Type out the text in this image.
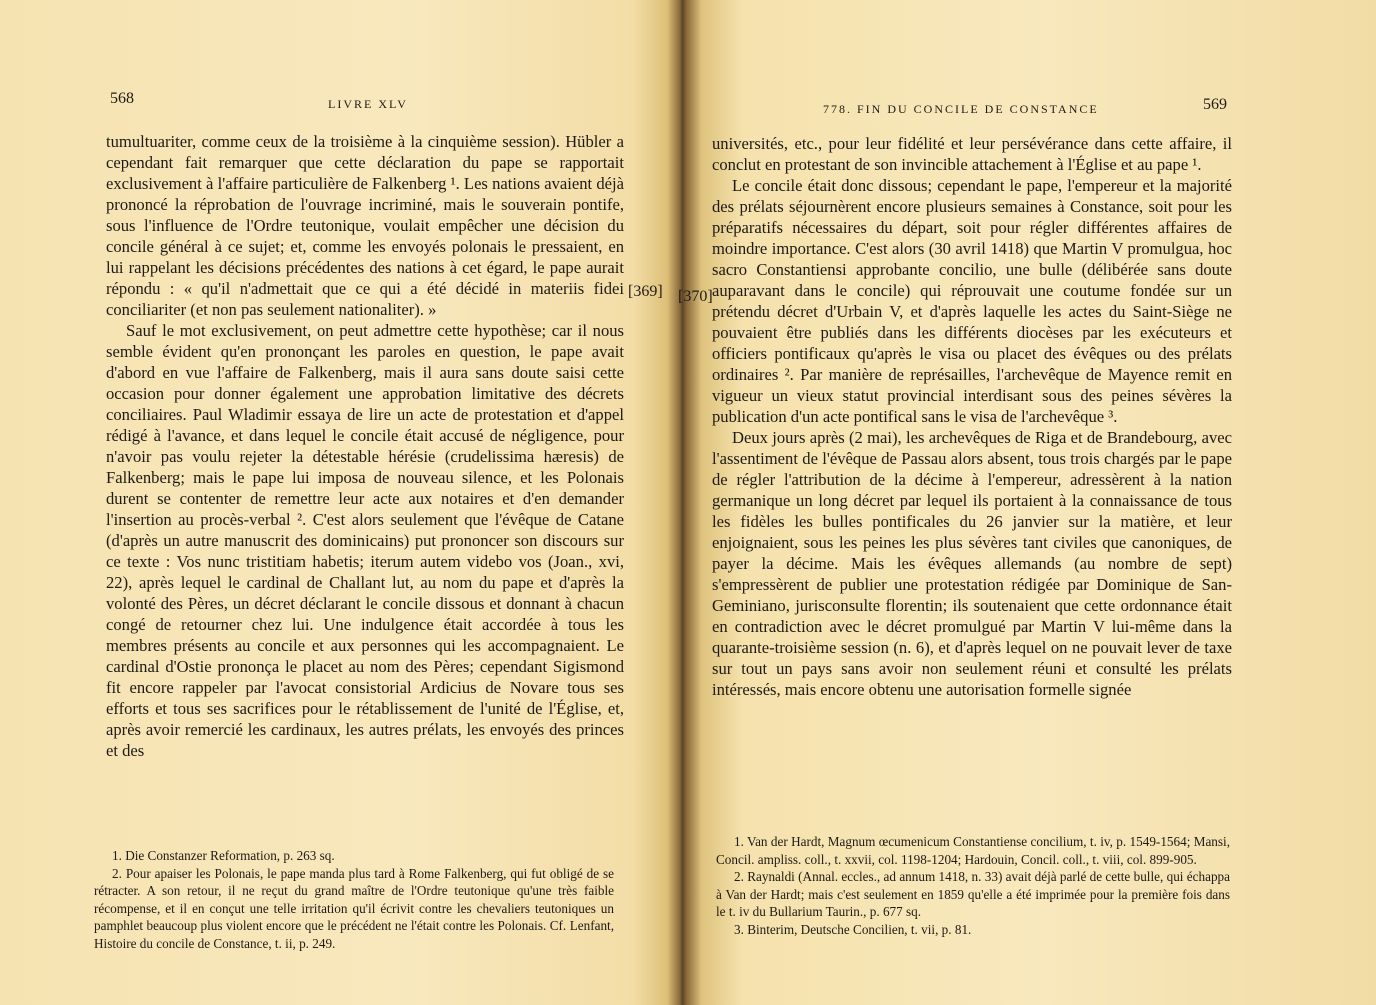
568	LIVRE XLV

tumultuariter, comme ceux de la troisième à la cinquième session). Hübler a cependant fait remarquer que cette déclaration du pape se rapportait exclusivement à l'affaire particulière de Falkenberg ¹. Les nations avaient déjà prononcé la réprobation de l'ouvrage incriminé, mais le souverain pontife, sous l'influence de l'Ordre teutonique, voulait empêcher une décision du concile général à ce sujet; et, comme les envoyés polonais le pressaient, en lui rappelant les décisions précédentes des nations à cet égard, le pape aurait répondu : « qu'il n'admettait que ce qui a été décidé in materiis fidei conciliariter (et non pas seulement nationaliter). »

Sauf le mot exclusivement, on peut admettre cette hypothèse; car il nous semble évident qu'en prononçant les paroles en question, le pape avait d'abord en vue l'affaire de Falkenberg, mais il aura sans doute saisi cette occasion pour donner également une approbation limitative des décrets conciliaires. Paul Wladimir essaya de lire un acte de protestation et d'appel rédigé à l'avance, et dans lequel le concile était accusé de négligence, pour n'avoir pas voulu rejeter la détestable hérésie (crudelissima hæresis) de Falkenberg; mais le pape lui imposa de nouveau silence, et les Polonais durent se contenter de remettre leur acte aux notaires et d'en demander l'insertion au procès-verbal ². C'est alors seulement que l'évêque de Catane (d'après un autre manuscrit des dominicains) put prononcer son discours sur ce texte : Vos nunc tristitiam habetis; iterum autem videbo vos (Joan., xvi, 22), après lequel le cardinal de Challant lut, au nom du pape et d'après la volonté des Pères, un décret déclarant le concile dissous et donnant à chacun congé de retourner chez lui. Une indulgence était accordée à tous les membres présents au concile et aux personnes qui les accompagnaient. Le cardinal d'Ostie prononça le placet au nom des Pères; cependant Sigismond fit encore rappeler par l'avocat consistorial Ardicius de Novare tous ses efforts et tous ses sacrifices pour le rétablissement de l'unité de l'Église, et, après avoir remercié les cardinaux, les autres prélats, les envoyés des princes et des

[369]

1. Die Constanzer Reformation, p. 263 sq.

2. Pour apaiser les Polonais, le pape manda plus tard à Rome Falkenberg, qui fut obligé de se rétracter. A son retour, il ne reçut du grand maître de l'Ordre teutonique qu'une très faible récompense, et il en conçut une telle irritation qu'il écrivit contre les chevaliers teutoniques un pamphlet beaucoup plus violent encore que le précédent ne l'était contre les Polonais. Cf. Lenfant, Histoire du concile de Constance, t. ii, p. 249.

778. FIN DU CONCILE DE CONSTANCE	569
[370]

universités, etc., pour leur fidélité et leur persévérance dans cette affaire, il conclut en protestant de son invincible attachement à l'Église et au pape ¹.

Le concile était donc dissous; cependant le pape, l'empereur et la majorité des prélats séjournèrent encore plusieurs semaines à Constance, soit pour les préparatifs nécessaires du départ, soit pour régler différentes affaires de moindre importance. C'est alors (30 avril 1418) que Martin V promulgua, hoc sacro Constantiensi approbante concilio, une bulle (délibérée sans doute auparavant dans le concile) qui réprouvait une coutume fondée sur un prétendu décret d'Urbain V, et d'après laquelle les actes du Saint-Siège ne pouvaient être publiés dans les différents diocèses par les exécuteurs et officiers pontificaux qu'après le visa ou placet des évêques ou des prélats ordinaires ². Par manière de représailles, l'archevêque de Mayence remit en vigueur un vieux statut provincial interdisant sous des peines sévères la publication d'un acte pontifical sans le visa de l'archevêque ³.

Deux jours après (2 mai), les archevêques de Riga et de Brandebourg, avec l'assentiment de l'évêque de Passau alors absent, tous trois chargés par le pape de régler l'attribution de la décime à l'empereur, adressèrent à la nation germanique un long décret par lequel ils portaient à la connaissance de tous les fidèles les bulles pontificales du 26 janvier sur la matière, et leur enjoignaient, sous les peines les plus sévères tant civiles que canoniques, de payer la décime. Mais les évêques allemands (au nombre de sept) s'empressèrent de publier une protestation rédigée par Dominique de San-Geminiano, jurisconsulte florentin; ils soutenaient que cette ordonnance était en contradiction avec le décret promulgué par Martin V lui-même dans la quarante-troisième session (n. 6), et d'après lequel on ne pouvait lever de taxe sur tout un pays sans avoir non seulement réuni et consulté les prélats intéressés, mais encore obtenu une autorisation formelle signée

1. Van der Hardt, Magnum œcumenicum Constantiense concilium, t. iv, p. 1549-1564; Mansi, Concil. ampliss. coll., t. xxvii, col. 1198-1204; Hardouin, Concil. coll., t. viii, col. 899-905.

2. Raynaldi (Annal. eccles., ad annum 1418, n. 33) avait déjà parlé de cette bulle, qui échappa à Van der Hardt; mais c'est seulement en 1859 qu'elle a été imprimée pour la première fois dans le t. iv du Bullarium Taurin., p. 677 sq.

3. Binterim, Deutsche Concilien, t. vii, p. 81.
